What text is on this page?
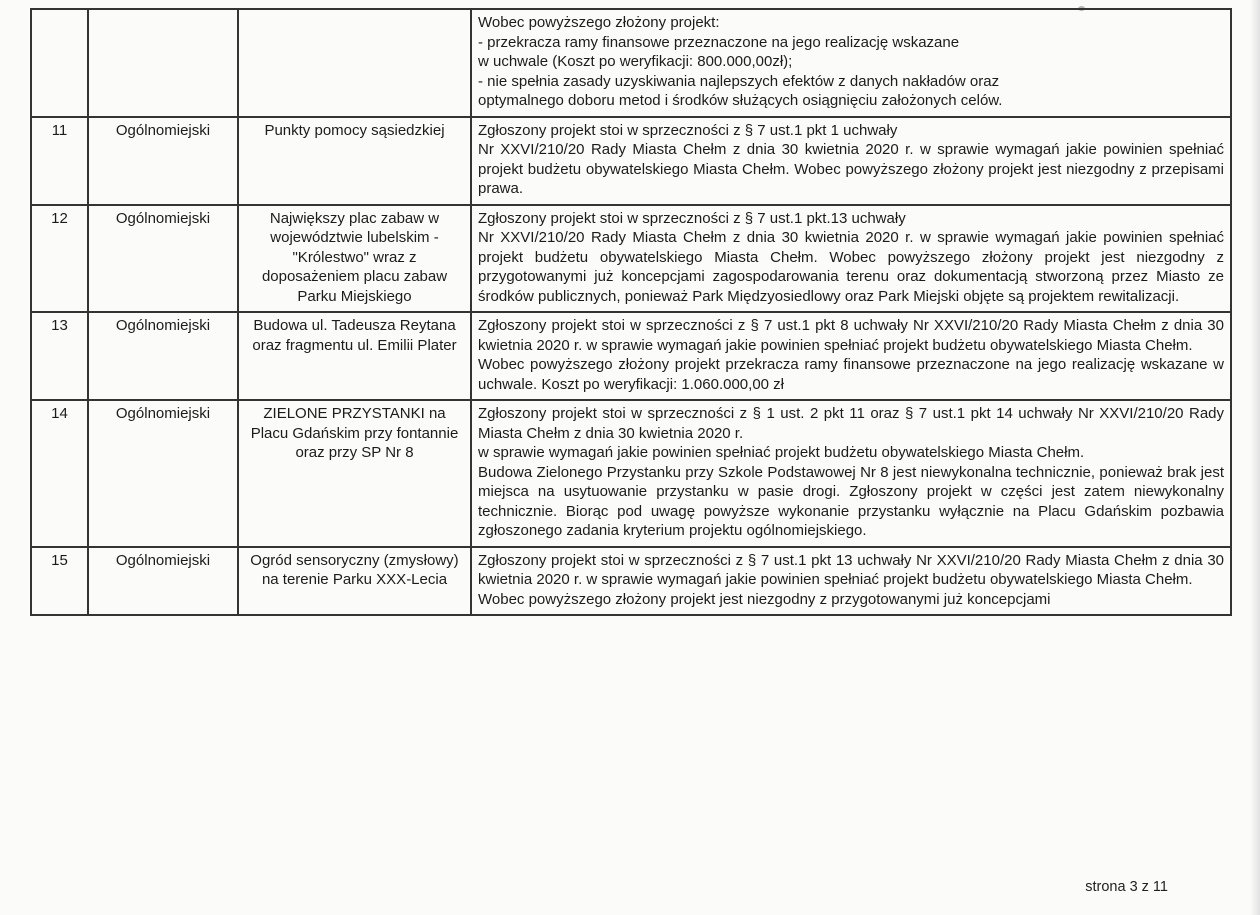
			Wobec powyższego złożony projekt:

- przekracza ramy finansowe przeznaczone na jego realizację wskazane

w uchwale (Koszt po weryfikacji: 800.000,00zł);

- nie spełnia zasady uzyskiwania najlepszych efektów z danych nakładów oraz

optymalnego doboru metod i środków służących osiągnięciu założonych celów.

11	Ogólnomiejski	Punkty pomocy sąsiedzkiej	Zgłoszony projekt stoi w sprzeczności z § 7 ust.1 pkt 1 uchwały

Nr XXVI/210/20 Rady Miasta Chełm z dnia 30 kwietnia 2020 r. w sprawie wymagań jakie powinien spełniać projekt budżetu obywatelskiego Miasta Chełm. Wobec powyższego złożony projekt jest niezgodny z przepisami prawa.

12	Ogólnomiejski	Największy plac zabaw w województwie lubelskim - "Królestwo" wraz z doposażeniem placu zabaw Parku Miejskiego	Zgłoszony projekt stoi w sprzeczności z § 7 ust.1 pkt.13 uchwały

Nr XXVI/210/20 Rady Miasta Chełm z dnia 30 kwietnia 2020 r. w sprawie wymagań jakie powinien spełniać projekt budżetu obywatelskiego Miasta Chełm. Wobec powyższego złożony projekt jest niezgodny z przygotowanymi już koncepcjami zagospodarowania terenu oraz dokumentacją stworzoną przez Miasto ze środków publicznych, ponieważ Park Międzyosiedlowy oraz Park Miejski objęte są projektem rewitalizacji.

13	Ogólnomiejski	Budowa ul. Tadeusza Reytana oraz fragmentu ul. Emilii Plater	Zgłoszony projekt stoi w sprzeczności z § 7 ust.1 pkt 8 uchwały Nr XXVI/210/20 Rady Miasta Chełm z dnia 30 kwietnia 2020 r. w sprawie wymagań jakie powinien spełniać projekt budżetu obywatelskiego Miasta Chełm.

Wobec powyższego złożony projekt przekracza ramy finansowe przeznaczone na jego realizację wskazane w uchwale. Koszt po weryfikacji: 1.060.000,00 zł

14	Ogólnomiejski	ZIELONE PRZYSTANKI na Placu Gdańskim przy fontannie oraz przy SP Nr 8	Zgłoszony projekt stoi w sprzeczności z § 1 ust. 2 pkt 11 oraz § 7 ust.1 pkt 14 uchwały Nr XXVI/210/20 Rady Miasta Chełm z dnia 30 kwietnia 2020 r.

w sprawie wymagań jakie powinien spełniać projekt budżetu obywatelskiego Miasta Chełm.

Budowa Zielonego Przystanku przy Szkole Podstawowej Nr 8 jest niewykonalna technicznie, ponieważ brak jest miejsca na usytuowanie przystanku w pasie drogi. Zgłoszony projekt w części jest zatem niewykonalny technicznie. Biorąc pod uwagę powyższe wykonanie przystanku wyłącznie na Placu Gdańskim pozbawia zgłoszonego zadania kryterium projektu ogólnomiejskiego.

15	Ogólnomiejski	Ogród sensoryczny (zmysłowy) na terenie Parku XXX-Lecia	Zgłoszony projekt stoi w sprzeczności z § 7 ust.1 pkt 13 uchwały Nr XXVI/210/20 Rady Miasta Chełm z dnia 30 kwietnia 2020 r. w sprawie wymagań jakie powinien spełniać projekt budżetu obywatelskiego Miasta Chełm.

Wobec powyższego złożony projekt jest niezgodny z przygotowanymi już koncepcjami

strona 3 z 11
